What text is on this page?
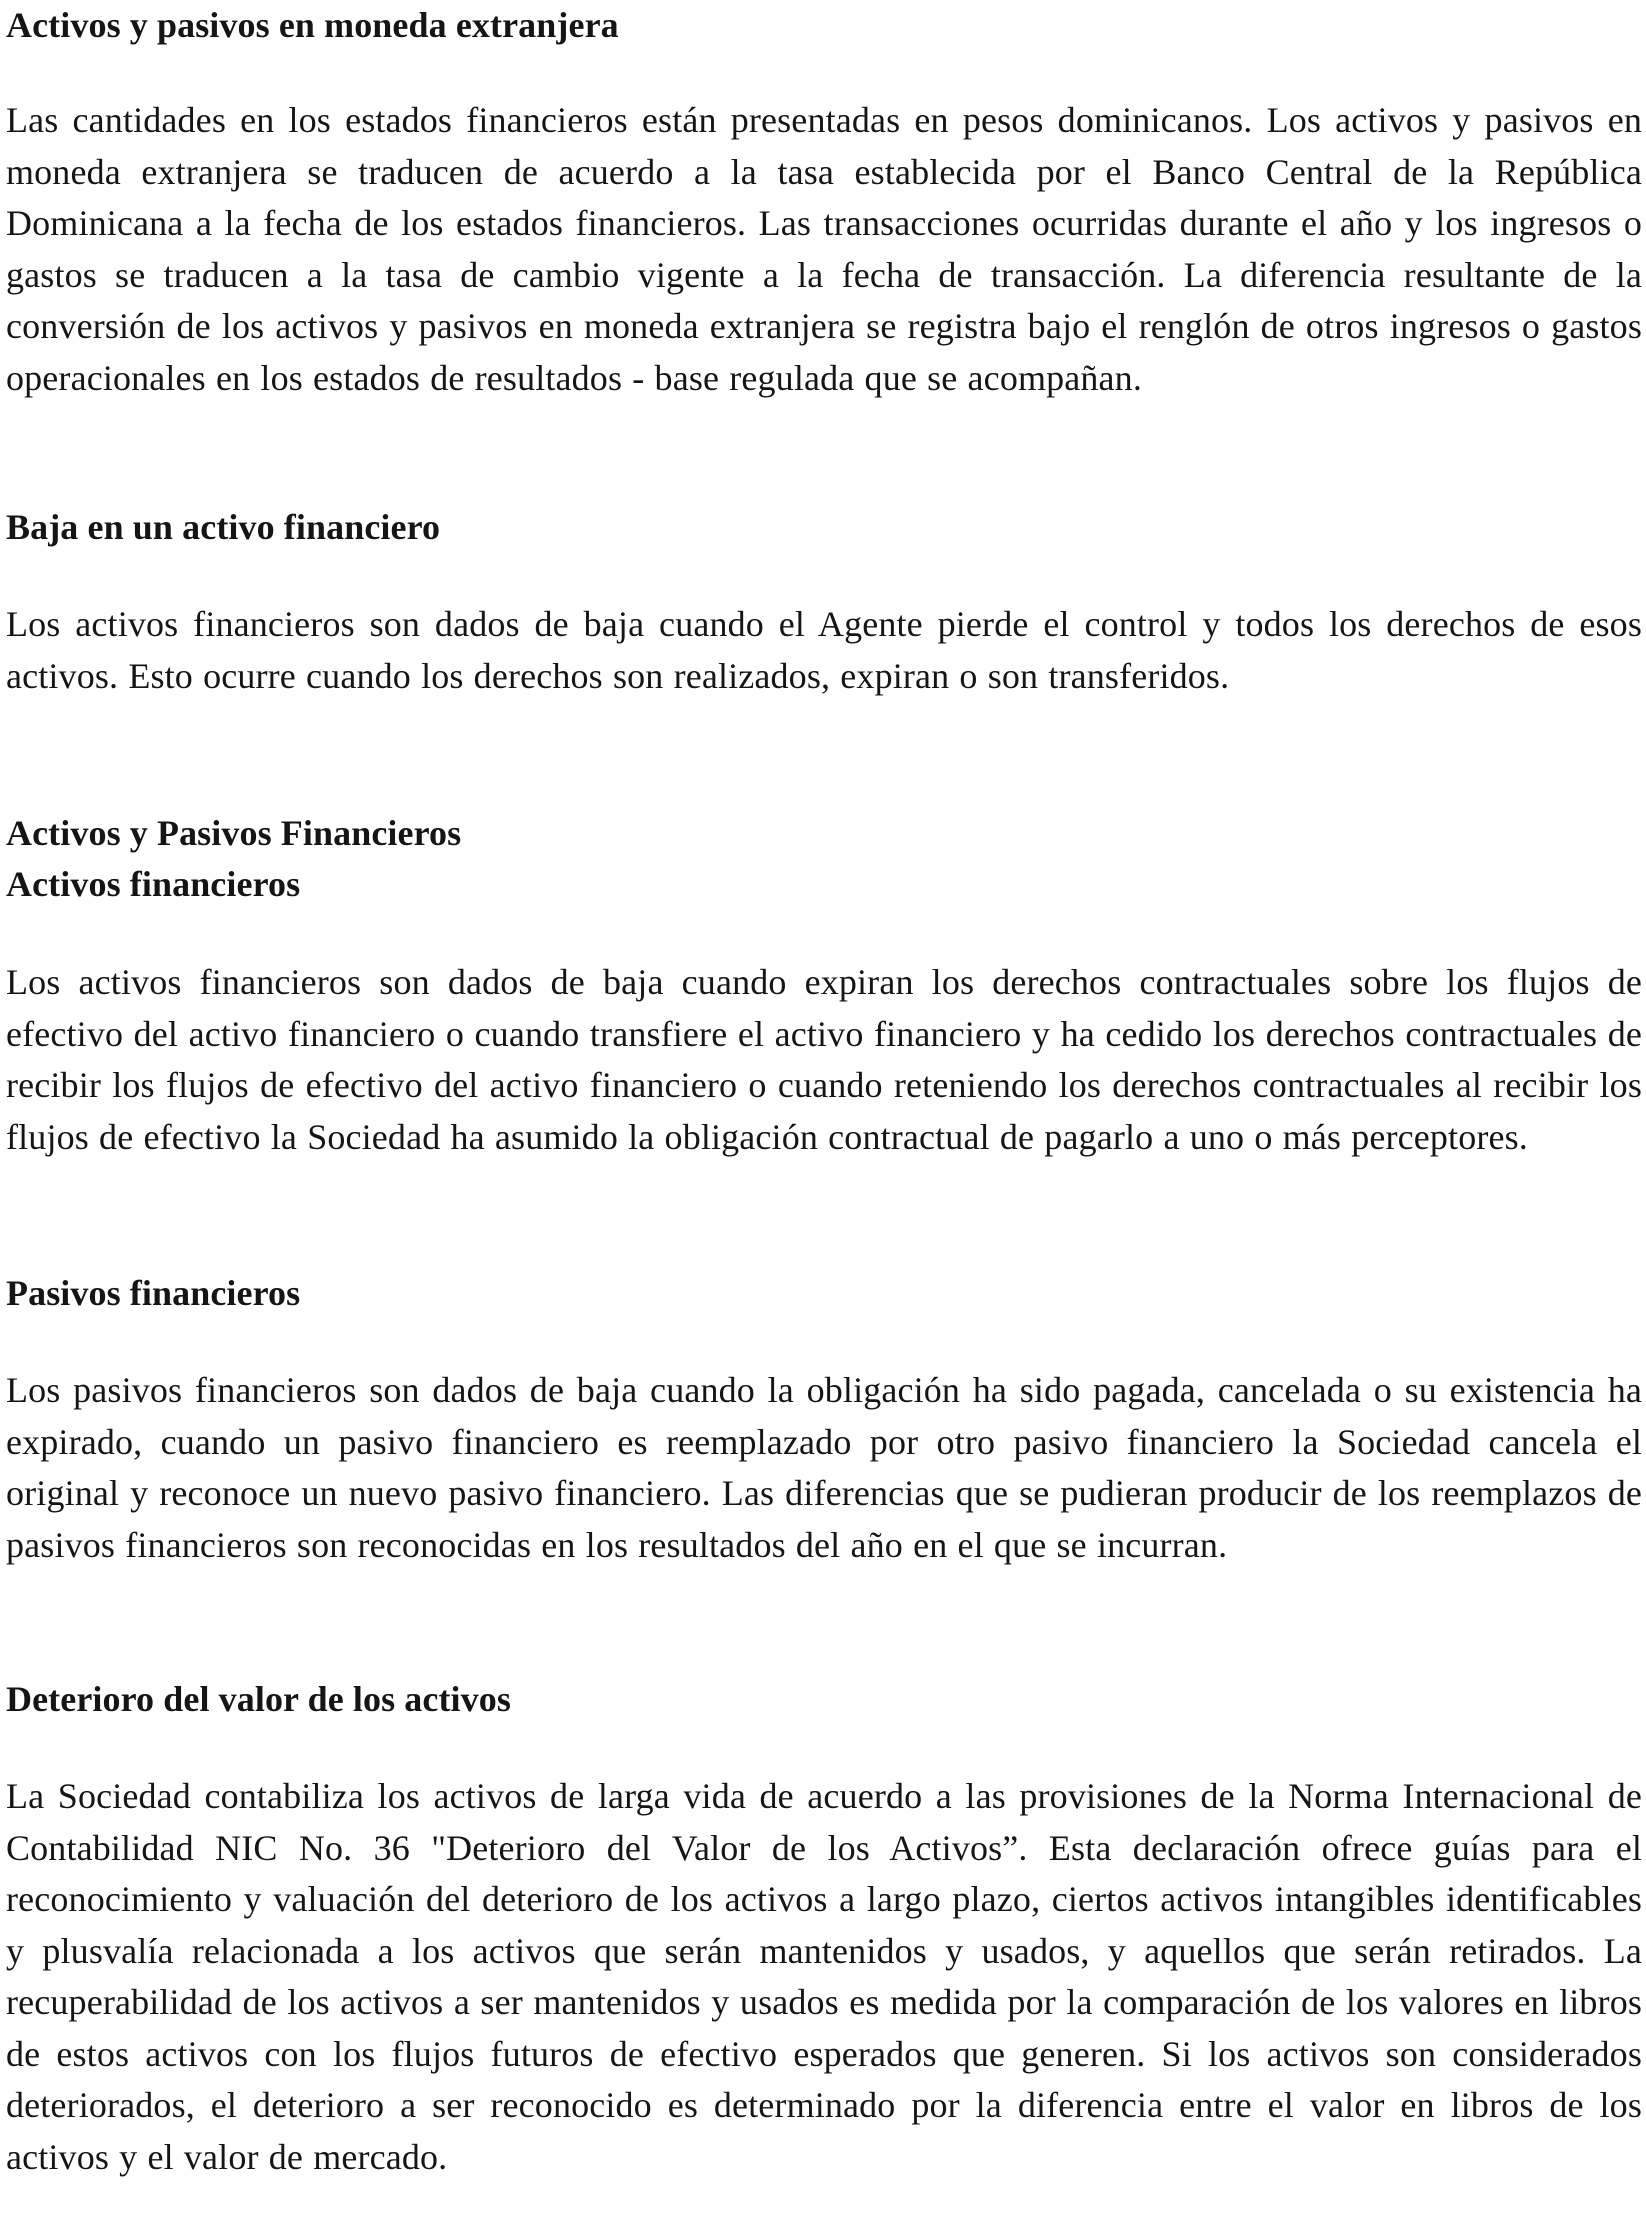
Activos y pasivos en moneda extranjera

Las cantidades en los estados financieros están presentadas en pesos dominicanos. Los activos y pasivos en moneda extranjera se traducen de acuerdo a la tasa establecida por el Banco Central de la República Dominicana a la fecha de los estados financieros. Las transacciones ocurridas durante el año y los ingresos o gastos se traducen a la tasa de cambio vigente a la fecha de transacción. La diferencia resultante de la conversión de los activos y pasivos en moneda extranjera se registra bajo el renglón de otros ingresos o gastos operacionales en los estados de resultados - base regulada que se acompañan.

Baja en un activo financiero

Los activos financieros son dados de baja cuando el Agente pierde el control y todos los derechos de esos activos. Esto ocurre cuando los derechos son realizados, expiran o son transferidos.

Activos y Pasivos Financieros
Activos financieros

Los activos financieros son dados de baja cuando expiran los derechos contractuales sobre los flujos de efectivo del activo financiero o cuando transfiere el activo financiero y ha cedido los derechos contractuales de recibir los flujos de efectivo del activo financiero o cuando reteniendo los derechos contractuales al recibir los flujos de efectivo la Sociedad ha asumido la obligación contractual de pagarlo a uno o más perceptores.

Pasivos financieros

Los pasivos financieros son dados de baja cuando la obligación ha sido pagada, cancelada o su existencia ha expirado, cuando un pasivo financiero es reemplazado por otro pasivo financiero la Sociedad cancela el original y reconoce un nuevo pasivo financiero. Las diferencias que se pudieran producir de los reemplazos de pasivos financieros son reconocidas en los resultados del año en el que se incurran.

Deterioro del valor de los activos

La Sociedad contabiliza los activos de larga vida de acuerdo a las provisiones de la Norma Internacional de Contabilidad NIC No. 36 "Deterioro del Valor de los Activos”. Esta declaración ofrece guías para el reconocimiento y valuación del deterioro de los activos a largo plazo, ciertos activos intangibles identificables y plusvalía relacionada a los activos que serán mantenidos y usados, y aquellos que serán retirados. La recuperabilidad de los activos a ser mantenidos y usados es medida por la comparación de los valores en libros de estos activos con los flujos futuros de efectivo esperados que generen. Si los activos son considerados deteriorados, el deterioro a ser reconocido es determinado por la diferencia entre el valor en libros de los activos y el valor de mercado.
